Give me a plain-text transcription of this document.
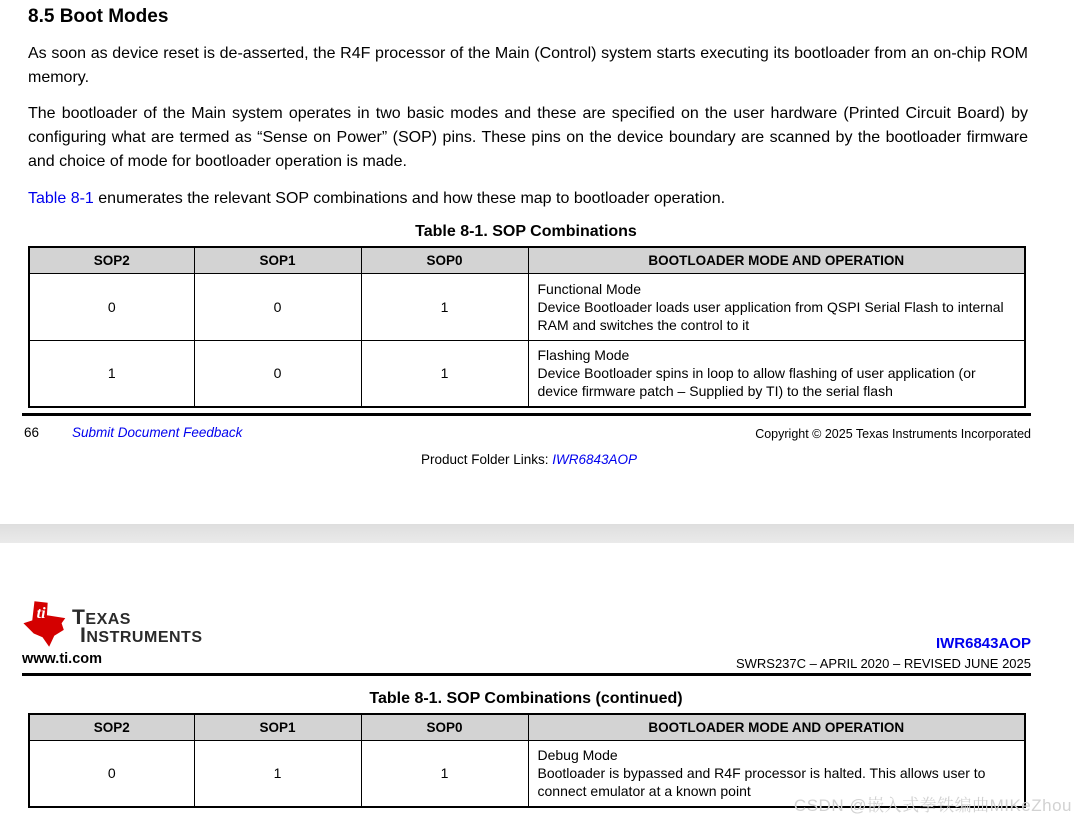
8.5 Boot Modes

As soon as device reset is de-asserted, the R4F processor of the Main (Control) system starts executing its bootloader from an on-chip ROM memory.

The bootloader of the Main system operates in two basic modes and these are specified on the user hardware (Printed Circuit Board) by configuring what are termed as “Sense on Power” (SOP) pins. These pins on the device boundary are scanned by the bootloader firmware and choice of mode for bootloader operation is made.

Table 8-1 enumerates the relevant SOP combinations and how these map to bootloader operation.

Table 8-1. SOP Combinations
SOP2	SOP1	SOP0	BOOTLOADER MODE AND OPERATION
0	0	1	Functional Mode
Device Bootloader loads user application from QSPI Serial Flash to internal RAM and switches the control to it

1	0	1	Flashing Mode
Device Bootloader spins in loop to allow flashing of user application (or device firmware patch – Supplied by TI) to the serial flash
66 Submit Document Feedback	Copyright © 2025 Texas Instruments Incorporated
Product Folder Links: IWR6843AOP
ti TEXAS
INSTRUMENTS
www.ti.com
IWR6843AOP
SWRS237C – APRIL 2020 – REVISED JUNE 2025
Table 8-1. SOP Combinations (continued)
SOP2	SOP1	SOP0	BOOTLOADER MODE AND OPERATION
0	1	1	Debug Mode
Bootloader is bypassed and R4F processor is halted. This allows user to connect emulator at a known point
CSDN @嵌入式拳铁编曲MIKeZhou
